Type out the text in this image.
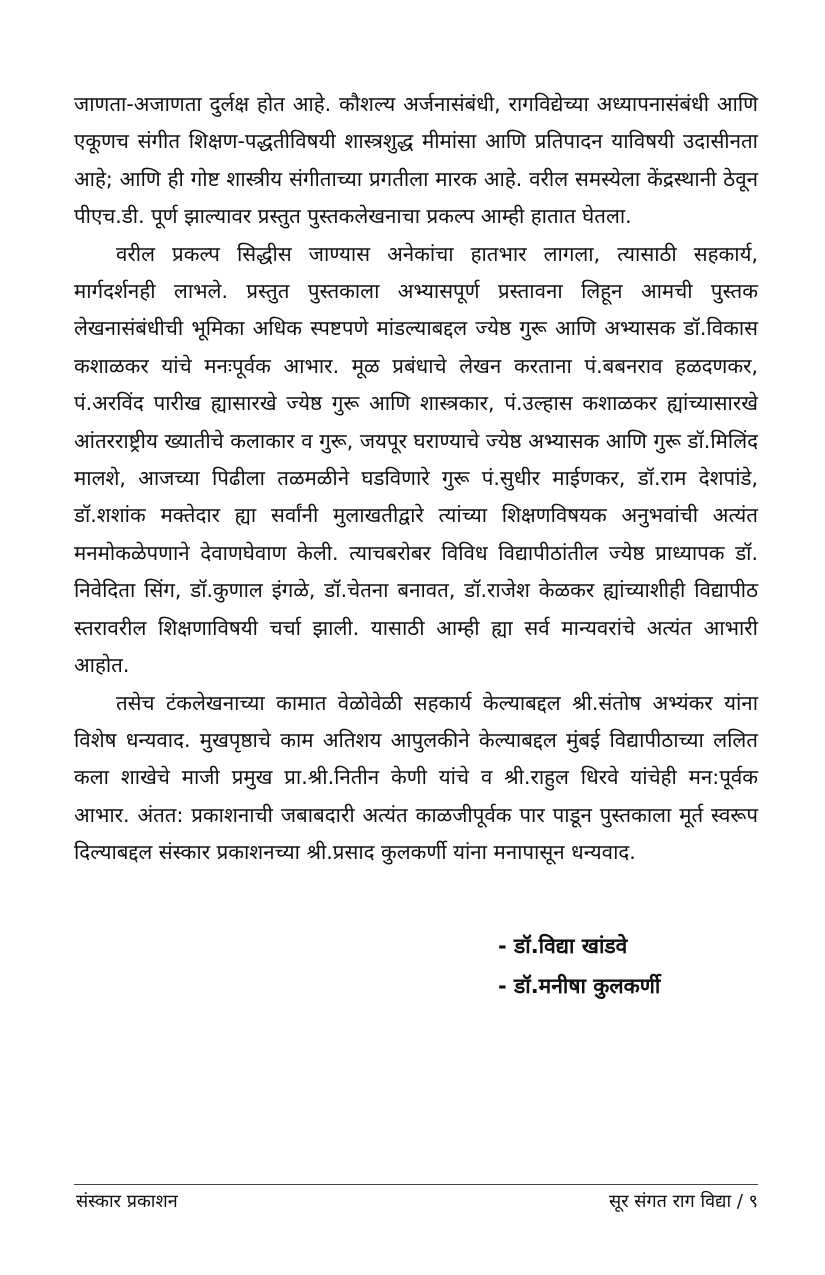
जाणता-अजाणता दुर्लक्ष होत आहे. कौशल्य अर्जनासंबंधी, रागविद्येच्या अध्यापनासंबंधी आणि एकूणच संगीत शिक्षण-पद्धतीविषयी शास्त्रशुद्ध मीमांसा आणि प्रतिपादन याविषयी उदासीनता आहे; आणि ही गोष्ट शास्त्रीय संगीताच्या प्रगतीला मारक आहे. वरील समस्येला केंद्रस्थानी ठेवून पीएच.डी. पूर्ण झाल्यावर प्रस्तुत पुस्तकलेखनाचा प्रकल्प आम्ही हातात घेतला.

वरील प्रकल्प सिद्धीस जाण्यास अनेकांचा हातभार लागला, त्यासाठी सहकार्य, मार्गदर्शनही लाभले. प्रस्तुत पुस्तकाला अभ्यासपूर्ण प्रस्तावना लिहून आमची पुस्तक लेखनासंबंधीची भूमिका अधिक स्पष्टपणे मांडल्याबद्दल ज्येष्ठ गुरू आणि अभ्यासक डॉ.विकास कशाळकर यांचे मनःपूर्वक आभार. मूळ प्रबंधाचे लेखन करताना पं.बबनराव हळदणकर, पं.अरविंद पारीख ह्यासारखे ज्येष्ठ गुरू आणि शास्त्रकार, पं.उल्हास कशाळकर ह्यांच्यासारखे आंतरराष्ट्रीय ख्यातीचे कलाकार व गुरू, जयपूर घराण्याचे ज्येष्ठ अभ्यासक आणि गुरू डॉ.मिलिंद मालशे, आजच्या पिढीला तळमळीने घडविणारे गुरू पं.सुधीर माईणकर, डॉ.राम देशपांडे, डॉ.शशांक मक्तेदार ह्या सर्वांनी मुलाखतीद्वारे त्यांच्या शिक्षणविषयक अनुभवांची अत्यंत मनमोकळेपणाने देवाणघेवाण केली. त्याचबरोबर विविध विद्यापीठांतील ज्येष्ठ प्राध्यापक डॉ. निवेदिता सिंग, डॉ.कुणाल इंगळे, डॉ.चेतना बनावत, डॉ.राजेश केळकर ह्यांच्याशीही विद्यापीठ स्तरावरील शिक्षणाविषयी चर्चा झाली. यासाठी आम्ही ह्या सर्व मान्यवरांचे अत्यंत आभारी आहोत.

तसेच टंकलेखनाच्या कामात वेळोवेळी सहकार्य केल्याबद्दल श्री.संतोष अभ्यंकर यांना विशेष धन्यवाद. मुखपृष्ठाचे काम अतिशय आपुलकीने केल्याबद्दल मुंबई विद्यापीठाच्या ललित कला शाखेचे माजी प्रमुख प्रा.श्री.नितीन केणी यांचे व श्री.राहुल धिरवे यांचेही मन:पूर्वक आभार. अंतत: प्रकाशनाची जबाबदारी अत्यंत काळजीपूर्वक पार पाडून पुस्तकाला मूर्त स्वरूप दिल्याबद्दल संस्कार प्रकाशनच्या श्री.प्रसाद कुलकर्णी यांना मनापासून धन्यवाद.

- डॉ.विद्या खांडवे
- डॉ.मनीषा कुलकर्णी
संस्कार प्रकाशन	सूर संगत राग विद्या / ९
